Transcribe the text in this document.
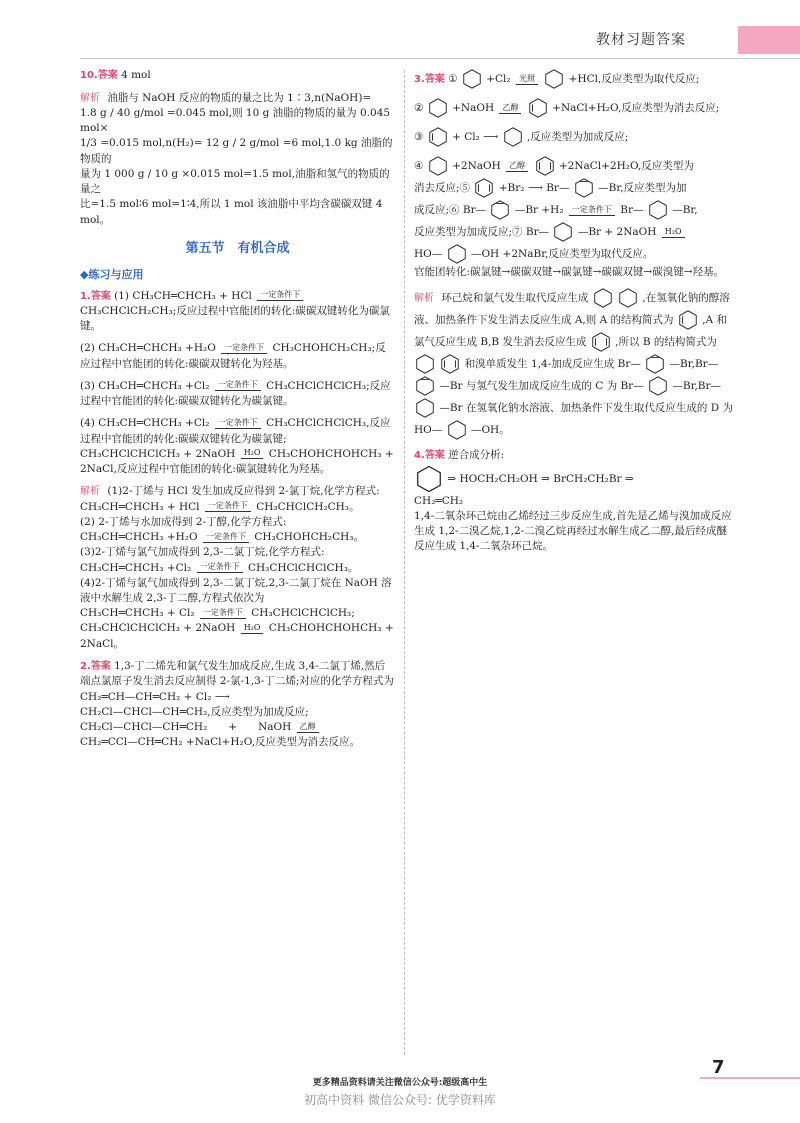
教材习题答案

10.答案 4 mol

解析 油脂与 NaOH 反应的物质的量之比为 1∶3,n(NaOH)=
1.8 g / 40 g/mol =0.045 mol,则 10 g 油脂的物质的量为 0.045 mol×
1/3 =0.015 mol,n(H₂)= 12 g / 2 g/mol =6 mol,1.0 kg 油脂的物质的
量为 1 000 g / 10 g ×0.015 mol=1.5 mol,油脂和氢气的物质的量之
比=1.5 mol∶6 mol=1∶4,所以 1 mol 该油脂中平均含碳碳双键 4 mol。

第五节　有机合成
◆练习与应用

1.答案 (1) CH₃CH═CHCH₃ + HCl 一定条件下
CH₃CHClCH₂CH₃;反应过程中官能团的转化:碳碳双键转化为碳氯键。

(2) CH₃CH═CHCH₃ +H₂O 一定条件下 CH₃CHOHCH₂CH₃;反应过程中官能团的转化:碳碳双键转化为羟基。

(3) CH₃CH═CHCH₃ +Cl₂ 一定条件下 CH₃CHClCHClCH₃;反应过程中官能团的转化:碳碳双键转化为碳氯键。

(4) CH₃CH═CHCH₃ +Cl₂ 一定条件下 CH₃CHClCHClCH₃,反应过程中官能团的转化:碳碳双键转化为碳氯键;
CH₃CHClCHClCH₃ + 2NaOH H₂O CH₃CHOHCHOHCH₃ + 2NaCl,反应过程中官能团的转化:碳氯键转化为羟基。

解析 (1)2-丁烯与 HCl 发生加成反应得到 2-氯丁烷,化学方程式: CH₃CH═CHCH₃ + HCl 一定条件下 CH₃CHClCH₂CH₃。
(2) 2-丁烯与水加成得到 2-丁醇,化学方程式:
CH₃CH═CHCH₃ +H₂O 一定条件下 CH₃CHOHCH₂CH₃。
(3)2-丁烯与氯气加成得到 2,3-二氯丁烷,化学方程式:
CH₃CH═CHCH₃ +Cl₂ 一定条件下 CH₃CHClCHClCH₃。
(4)2-丁烯与氯气加成得到 2,3-二氯丁烷,2,3-二氯丁烷在 NaOH 溶液中水解生成 2,3-丁二醇,方程式依次为
CH₃CH═CHCH₃ + Cl₂ 一定条件下 CH₃CHClCHClCH₃;
CH₃CHClCHClCH₃ + 2NaOH H₂O CH₃CHOHCHOHCH₃ + 2NaCl。

2.答案 1,3-丁二烯先和氯气发生加成反应,生成 3,4-二氯丁烯,然后端点氯原子发生消去反应制得 2-氯-1,3-丁二烯;对应的化学方程式为 CH₂═CH—CH═CH₂ + Cl₂ ⟶
CH₂Cl—CHCl—CH═CH₂,反应类型为加成反应;
CH₂Cl—CHCl—CH═CH₂　　+　　NaOH 乙醇
CH₂═CCl—CH═CH₂ +NaCl+H₂O,反应类型为消去反应。

3.答案 ①	+Cl₂ 光照	+HCl,反应类型为取代反应;

②	+NaOH 乙醇	+NaCl+H₂O,反应类型为消去反应;

③	+ Cl₂ ⟶	,反应类型为加成反应;

④	+2NaOH 乙醇	+2NaCl+2H₂O,反应类型为
消去反应;⑤	+Br₂ ⟶ Br—	—Br,反应类型为加
成反应;⑥ Br—	—Br +H₂ 一定条件下 Br—	—Br,
反应类型为加成反应;⑦ Br—	—Br + 2NaOH H₂O
HO—	—OH +2NaBr,反应类型为取代反应。
官能团转化:碳氯键→碳碳双键→碳氯键→碳碳双键→碳溴键→羟基。

解析 环己烷和氯气发生取代反应生成	,在氢氧化钠的醇溶液、加热条件下发生消去反应生成 A,则 A 的结构简式为	,A 和氯气反应生成 B,B 发生消去反应生成	,所以 B 的结构简式为   和溴单质发生 1,4-加成反应生成 Br—	—Br,Br—  —Br 与氢气发生加成反应生成的 C 为 Br—	—Br,Br—  —Br 在氢氧化钠水溶液、加热条件下发生取代反应生成的 D 为 HO—	—OH。

4.答案 逆合成分析:
⇒ HOCH₂CH₂OH ⇒ BrCH₂CH₂Br ⇒
CH₂═CH₂
1,4-二氧杂环己烷由乙烯经过三步反应生成,首先是乙烯与溴加成反应生成 1,2-二溴乙烷,1,2-二溴乙烷再经过水解生成乙二醇,最后经成醚反应生成 1,4-二氧杂环己烷。

7
更多精品资料请关注微信公众号:超级高中生
初高中资料 微信公众号: 优学资料库
